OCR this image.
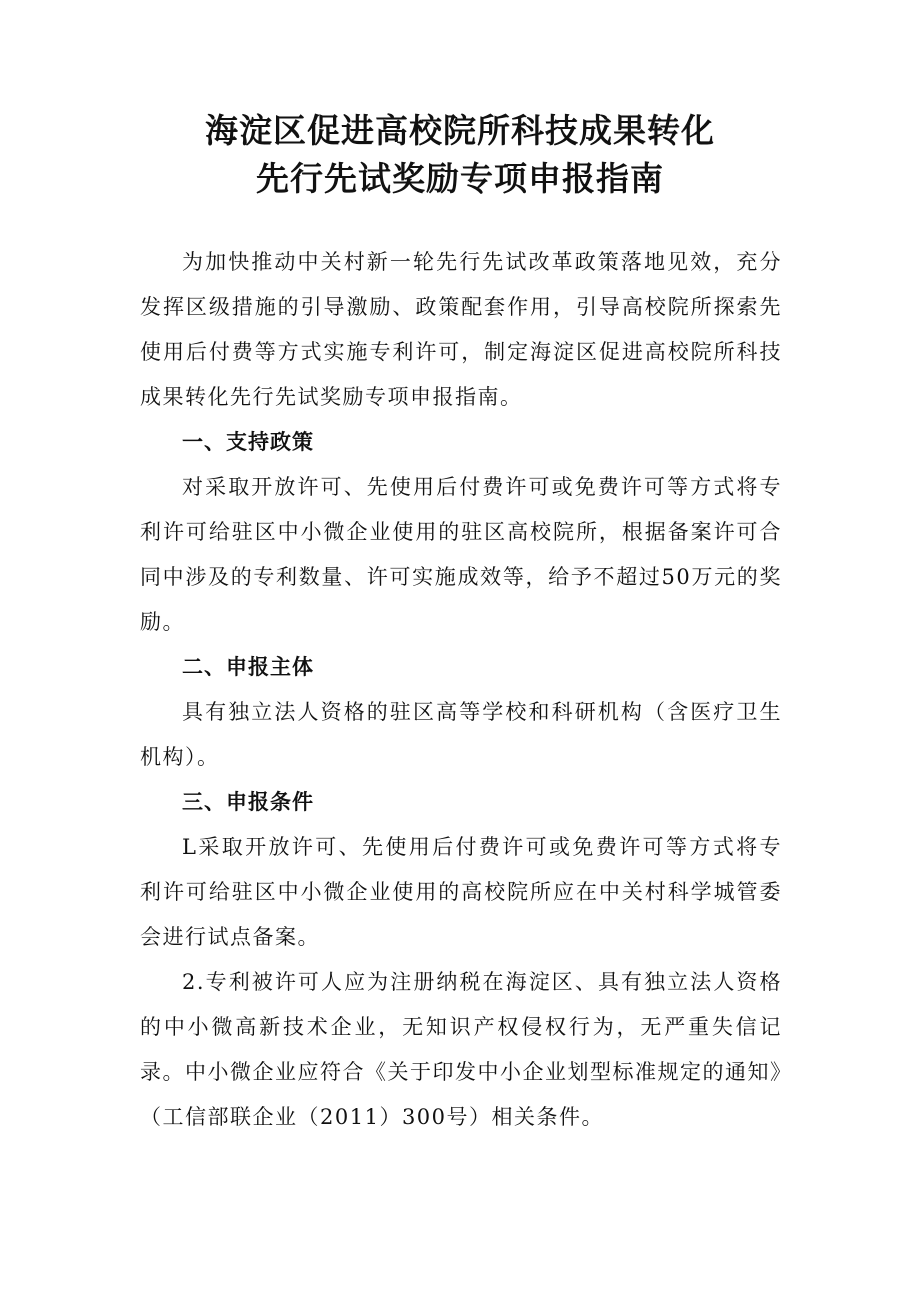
海淀区促进高校院所科技成果转化
先行先试奖励专项申报指南

为加快推动中关村新一轮先行先试改革政策落地见效，充分发挥区级措施的引导激励、政策配套作用，引导高校院所探索先使用后付费等方式实施专利许可，制定海淀区促进高校院所科技成果转化先行先试奖励专项申报指南。

一、支持政策

对采取开放许可、先使用后付费许可或免费许可等方式将专利许可给驻区中小微企业使用的驻区高校院所，根据备案许可合同中涉及的专利数量、许可实施成效等，给予不超过50万元的奖励。

二、申报主体

具有独立法人资格的驻区高等学校和科研机构（含医疗卫生机构）。

三、申报条件

L采取开放许可、先使用后付费许可或免费许可等方式将专利许可给驻区中小微企业使用的高校院所应在中关村科学城管委会进行试点备案。

2.专利被许可人应为注册纳税在海淀区、具有独立法人资格的中小微高新技术企业，无知识产权侵权行为，无严重失信记录。中小微企业应符合《关于印发中小企业划型标准规定的通知》（工信部联企业（2011）300号）相关条件。
